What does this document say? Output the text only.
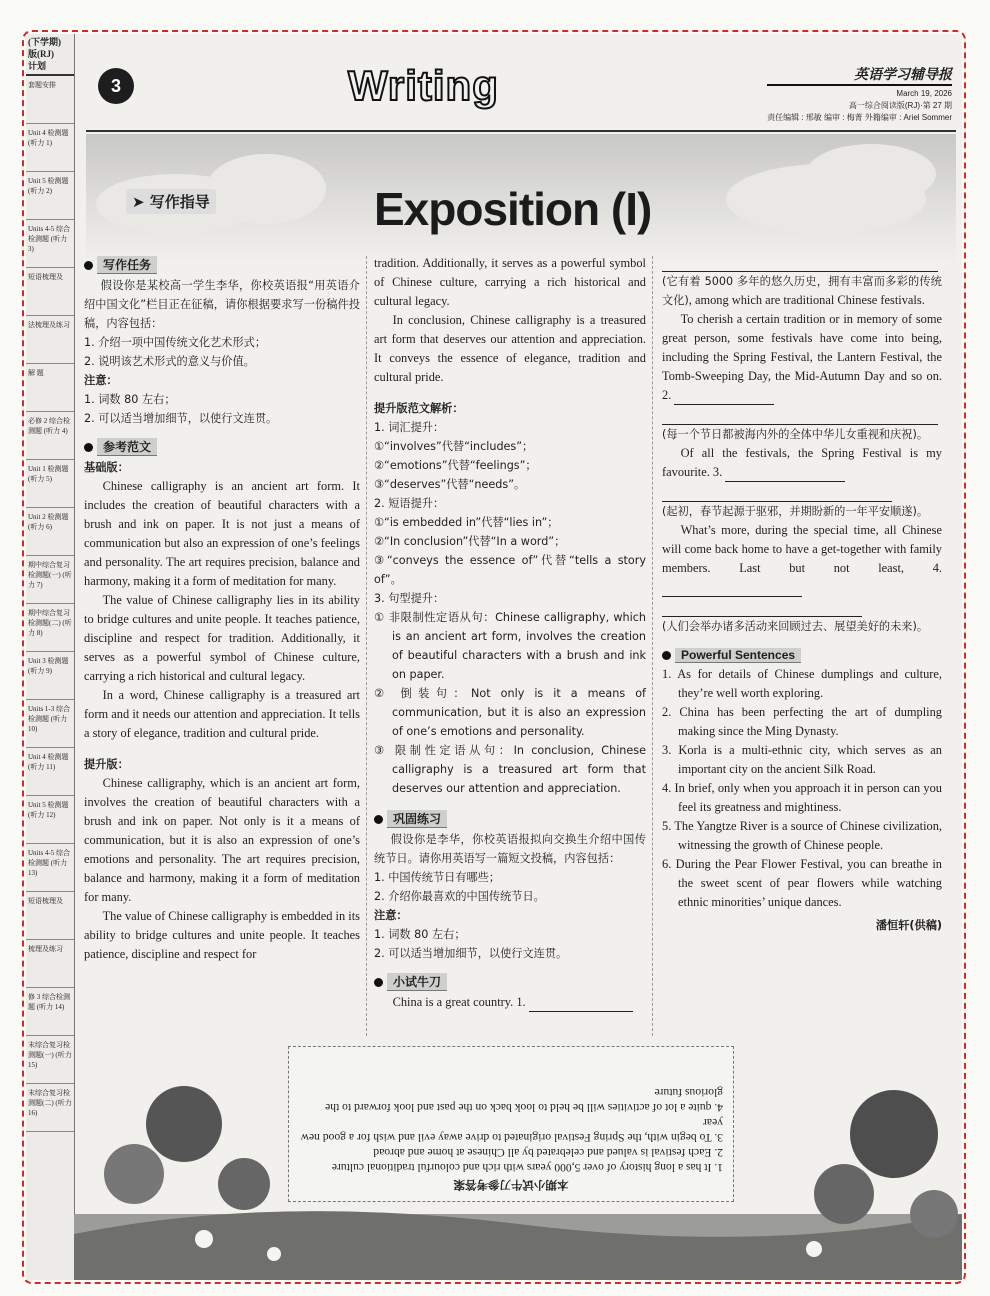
(下学期)
版(RJ)
计划
套题安排
Unit 4 检测题 (听力 1)
Unit 5 检测题 (听力 2)
Units 4-5 综合检测题 (听力 3)
短语梳理及
法梳理及练习
解 题
必修 2 综合检测题 (听力 4)
Unit 1 检测题 (听力 5)
Unit 2 检测题 (听力 6)
期中综合复习检测题(一) (听力 7)
期中综合复习检测题(二) (听力 8)
Unit 3 检测题 (听力 9)
Units 1-3 综合检测题 (听力 10)
Unit 4 检测题 (听力 11)
Unit 5 检测题 (听力 12)
Units 4-5 综合检测题 (听力 13)
短语梳理及
梳理及练习
修 3 综合检测题 (听力 14)
末综合复习检测题(一) (听力 15)
末综合复习检测题(二) (听力 16)
3	Writing	英语学习辅导报
March 19, 2026
高一综合阅读版(RJ)·第 27 期
责任编辑 : 邢敏 编审 : 梅菁 外籍编审 : Ariel Sommer
➤ 写作指导	Exposition (I)
写作任务

假设你是某校高一学生李华，你校英语报“用英语介绍中国文化”栏目正在征稿，请你根据要求写一份稿件投稿，内容包括：

1. 介绍一项中国传统文化艺术形式；

2. 说明该艺术形式的意义与价值。

注意：

1. 词数 80 左右；

2. 可以适当增加细节，以使行文连贯。

参考范文

基础版：

Chinese calligraphy is an ancient art form. It includes the creation of beautiful characters with a brush and ink on paper. It is not just a means of communication but also an expression of one’s feelings and personality. The art requires precision, balance and harmony, making it a form of meditation for many.

The value of Chinese calligraphy lies in its ability to bridge cultures and unite people. It teaches patience, discipline and respect for tradition. Additionally, it serves as a powerful symbol of Chinese culture, carrying a rich historical and cultural legacy.

In a word, Chinese calligraphy is a treasured art form and it needs our attention and appreciation. It tells a story of elegance, tradition and cultural pride.

提升版：

Chinese calligraphy, which is an ancient art form, involves the creation of beautiful characters with a brush and ink on paper. Not only is it a means of communication, but it is also an expression of one’s emotions and personality. The art requires precision, balance and harmony, making it a form of meditation for many.

The value of Chinese calligraphy is embedded in its ability to bridge cultures and unite people. It teaches patience, discipline and respect for

tradition. Additionally, it serves as a powerful symbol of Chinese culture, carrying a rich historical and cultural legacy.

In conclusion, Chinese calligraphy is a treasured art form that deserves our attention and appreciation. It conveys the essence of elegance, tradition and cultural pride.

提升版范文解析：

1. 词汇提升：

①“involves”代替“includes”；

②“emotions”代替“feelings”；

③“deserves”代替“needs”。

2. 短语提升：

①“is embedded in”代替“lies in”；

②“In conclusion”代替“In a word”；

③“conveys the essence of”代替“tells a story of”。

3. 句型提升：

① 非限制性定语从句：Chinese calligraphy, which is an ancient art form, involves the creation of beautiful characters with a brush and ink on paper.

② 倒装句：Not only is it a means of communication, but it is also an expression of one’s emotions and personality.

③ 限制性定语从句：In conclusion, Chinese calligraphy is a treasured art form that deserves our attention and appreciation.

巩固练习

假设你是李华，你校英语报拟向交换生介绍中国传统节日。请你用英语写一篇短文投稿，内容包括：

1. 中国传统节日有哪些；

2. 介绍你最喜欢的中国传统节日。

注意：

1. 词数 80 左右；

2. 可以适当增加细节，以使行文连贯。

小试牛刀

China is a great country. 1.

(它有着 5000 多年的悠久历史，拥有丰富而多彩的传统文化), among which are traditional Chinese festivals.

To cherish a certain tradition or in memory of some great person, some festivals have come into being, including the Spring Festival, the Lantern Festival, the Tomb-Sweeping Day, the Mid-Autumn Day and so on. 2.

(每一个节日都被海内外的全体中华儿女重视和庆祝)。

Of all the festivals, the Spring Festival is my favourite. 3.

(起初，春节起源于驱邪，并期盼新的一年平安顺遂)。

What’s more, during the special time, all Chinese will come back home to have a get-together with family members. Last but not least, 4.

(人们会举办诸多活动来回顾过去、展望美好的未来)。

Powerful Sentences

1. As for details of Chinese dumplings and culture, they’re well worth exploring.

2. China has been perfecting the art of dumpling making since the Ming Dynasty.

3. Korla is a multi-ethnic city, which serves as an important city on the ancient Silk Road.

4. In brief, only when you approach it in person can you feel its greatness and mightiness.

5. The Yangtze River is a source of Chinese civilization, witnessing the growth of Chinese people.

6. During the Pear Flower Festival, you can breathe in the sweet scent of pear flowers while watching ethnic minorities’ unique dances.

潘恒轩(供稿)

本期小试牛刀参考答案
1. It has a long history of over 5,000 years with rich and colourful traditional culture
2. Each festival is valued and celebrated by all Chinese at home and abroad
3. To begin with, the Spring Festival originated to drive away evil and wish for a good new year
4. quite a lot of activities will be held to look back on the past and look forward to the glorious future
